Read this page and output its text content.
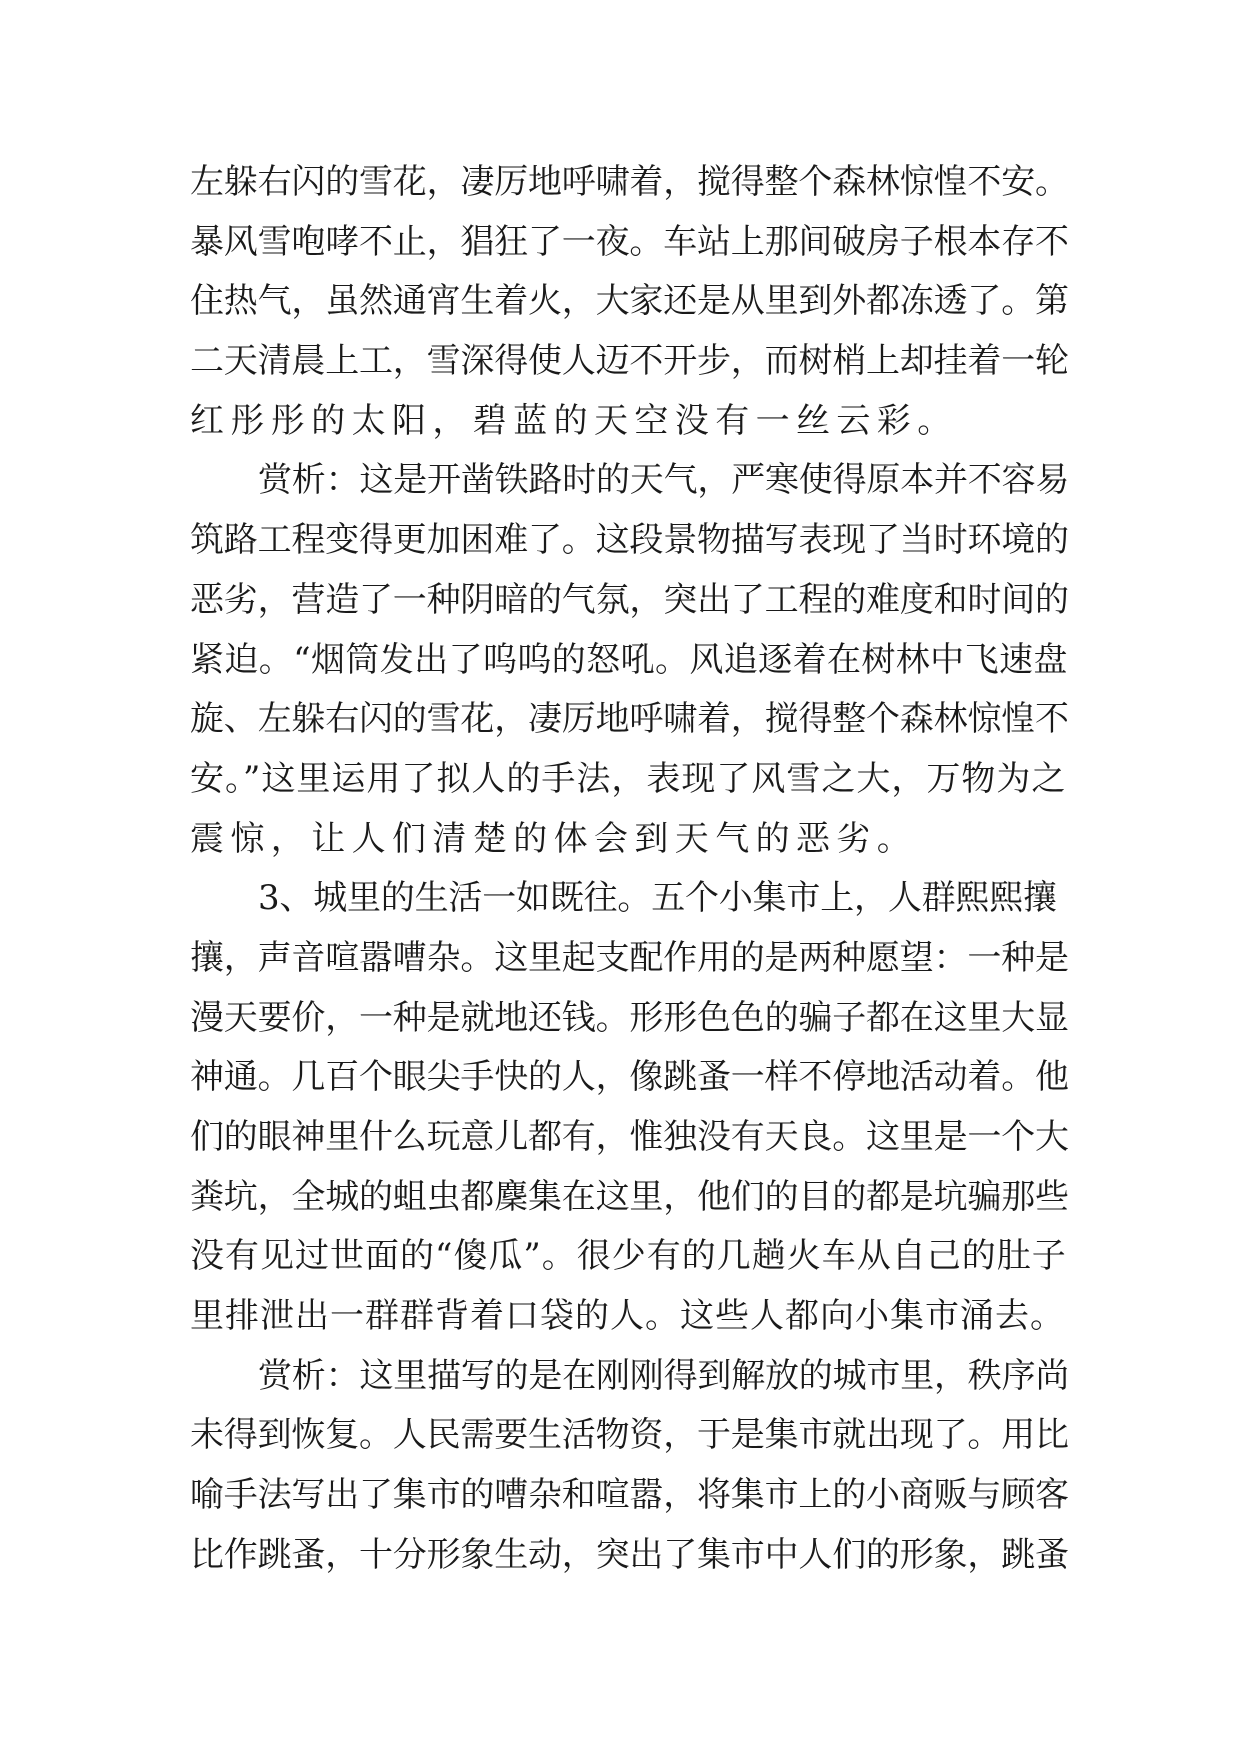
左躲右闪的雪花，凄厉地呼啸着，搅得整个森林惊惶不安。
暴风雪咆哮不止，猖狂了一夜。车站上那间破房子根本存不
住热气，虽然通宵生着火，大家还是从里到外都冻透了。第
二天清晨上工，雪深得使人迈不开步，而树梢上却挂着一轮
红彤彤的太阳，碧蓝的天空没有一丝云彩。
赏析：这是开凿铁路时的天气，严寒使得原本并不容易
筑路工程变得更加困难了。这段景物描写表现了当时环境的
恶劣，营造了一种阴暗的气氛，突出了工程的难度和时间的
紧迫。“烟筒发出了呜呜的怒吼。风追逐着在树林中飞速盘
旋、左躲右闪的雪花，凄厉地呼啸着，搅得整个森林惊惶不
安。”这里运用了拟人的手法，表现了风雪之大，万物为之
震惊，让人们清楚的体会到天气的恶劣。
3、城里的生活一如既往。五个小集市上，人群熙熙攘
攘，声音喧嚣嘈杂。这里起支配作用的是两种愿望：一种是
漫天要价，一种是就地还钱。形形色色的骗子都在这里大显
神通。几百个眼尖手快的人，像跳蚤一样不停地活动着。他
们的眼神里什么玩意儿都有，惟独没有天良。这里是一个大
粪坑，全城的蛆虫都麇集在这里，他们的目的都是坑骗那些
没有见过世面的“傻瓜”。很少有的几趟火车从自己的肚子
里排泄出一群群背着口袋的人。这些人都向小集市涌去。
赏析：这里描写的是在刚刚得到解放的城市里，秩序尚
未得到恢复。人民需要生活物资，于是集市就出现了。用比
喻手法写出了集市的嘈杂和喧嚣，将集市上的小商贩与顾客
比作跳蚤，十分形象生动，突出了集市中人们的形象，跳蚤
